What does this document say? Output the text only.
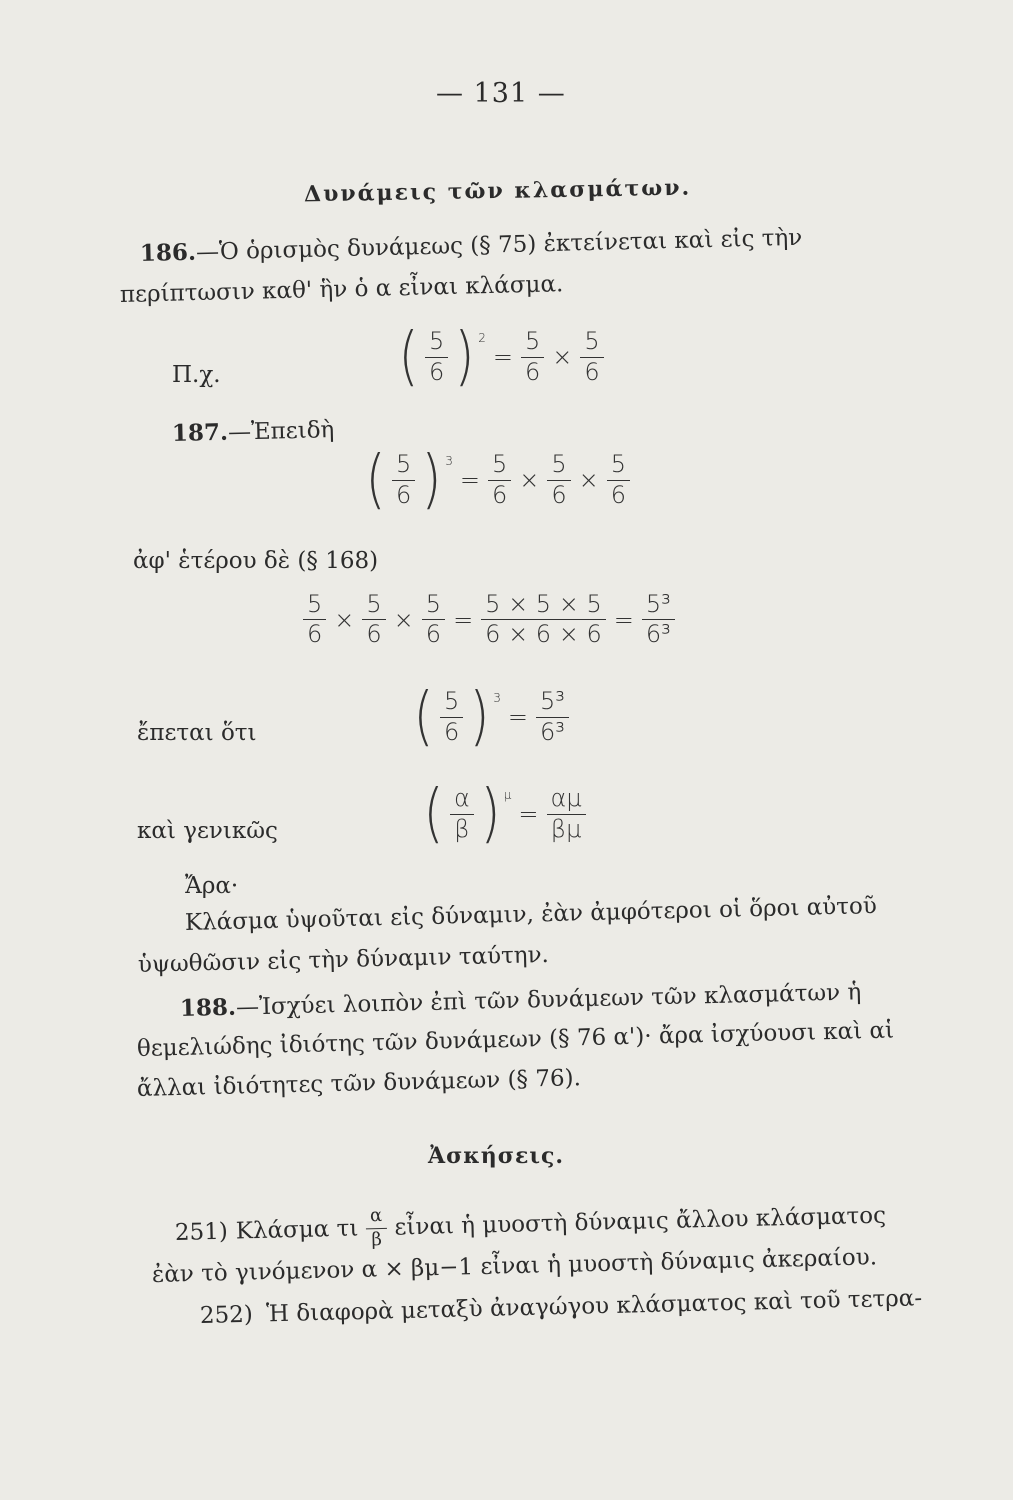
— 131 —
Δυνάμεις τῶν κλασμάτων.
186.—Ὁ ὁρισμὸς δυνάμεως (§ 75) ἐκτείνεται καὶ εἰς τὴν
περίπτωσιν καθ' ἣν ὁ α εἶναι κλάσμα.
Π.χ.	( $\frac{5}{6}$ ) 2
= $\frac{5}{6} \times \frac{5}{6}$
187.—Ἐπειδὴ
( $\frac{5}{6}$ ) 3
= $\frac{5}{6} \times \frac{5}{6} \times \frac{5}{6}$
ἀφ' ἑτέρου δὲ (§ 168)
$\frac{5}{6} \times \frac{5}{6} \times \frac{5}{6} = \frac{5 \times 5 \times 5}{6 \times 6 \times 6} = \frac{\text{5³}}{\text{6³}}$
ἔπεται ὅτι ( $\frac{5}{6}$ ) 3
= $\frac{\text{5³}}{\text{6³}}$
καὶ γενικῶς ( $\frac{\alpha}{\beta}$ ) μ
= $\frac{\alpha\mu}{\beta\mu}$
Ἄρα·
Κλάσμα ὑψοῦται εἰς δύναμιν, ἐὰν ἀμφότεροι οἱ ὅροι αὐτοῦ
ὑψωθῶσιν εἰς τὴν δύναμιν ταύτην.
188.—Ἰσχύει λοιπὸν ἐπὶ τῶν δυνάμεων τῶν κλασμάτων ἡ
θεμελιώδης ἰδιότης τῶν δυνάμεων (§ 76 α')· ἄρα ἰσχύουσι καὶ αἱ
ἄλλαι ἰδιότητες τῶν δυνάμεων (§ 76).
Ἀσκήσεις.
251) Κλάσμα τι $\frac{\alpha}{\beta}$ εἶναι ἡ μυοστὴ δύναμις ἄλλου κλάσματος
ἐὰν τὸ γινόμενον α × βμ−1 εἶναι ἡ μυοστὴ δύναμις ἀκεραίου.
252) Ἡ διαφορὰ μεταξὺ ἀναγώγου κλάσματος καὶ τοῦ τετρα-
